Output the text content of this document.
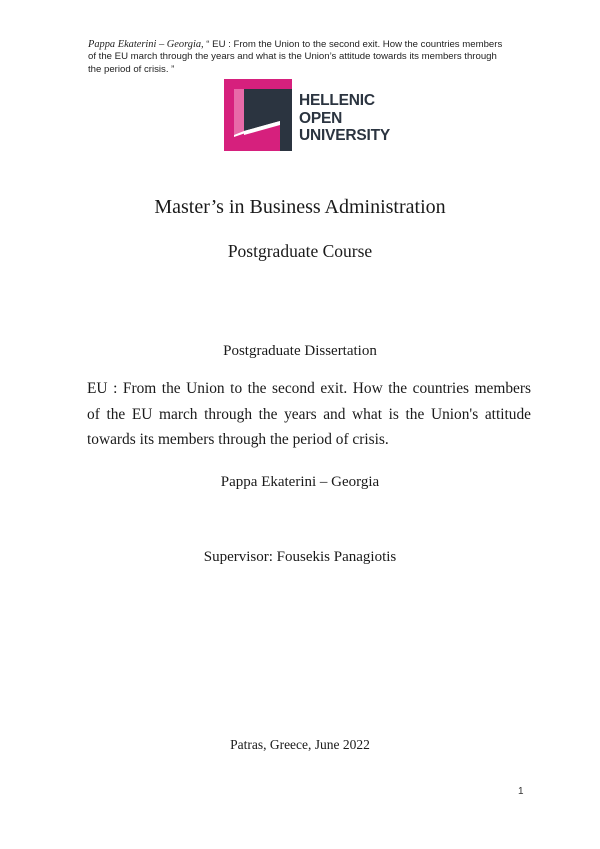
Pappa Ekaterini – Georgia, “ EU : From the Union to the second exit. How the countries members of the EU march through the years and what is the Union’s attitude towards its members through the period of crisis. ”
HELLENIC
OPEN
UNIVERSITY
Master’s in Business Administration
Postgraduate Course
Postgraduate Dissertation
EU : From the Union to the second exit. How the countries members
of the EU march through the years and what is the Union's attitude
towards its members through the period of crisis.
Pappa Ekaterini – Georgia
Supervisor: Fousekis Panagiotis
Patras, Greece, June 2022
1
